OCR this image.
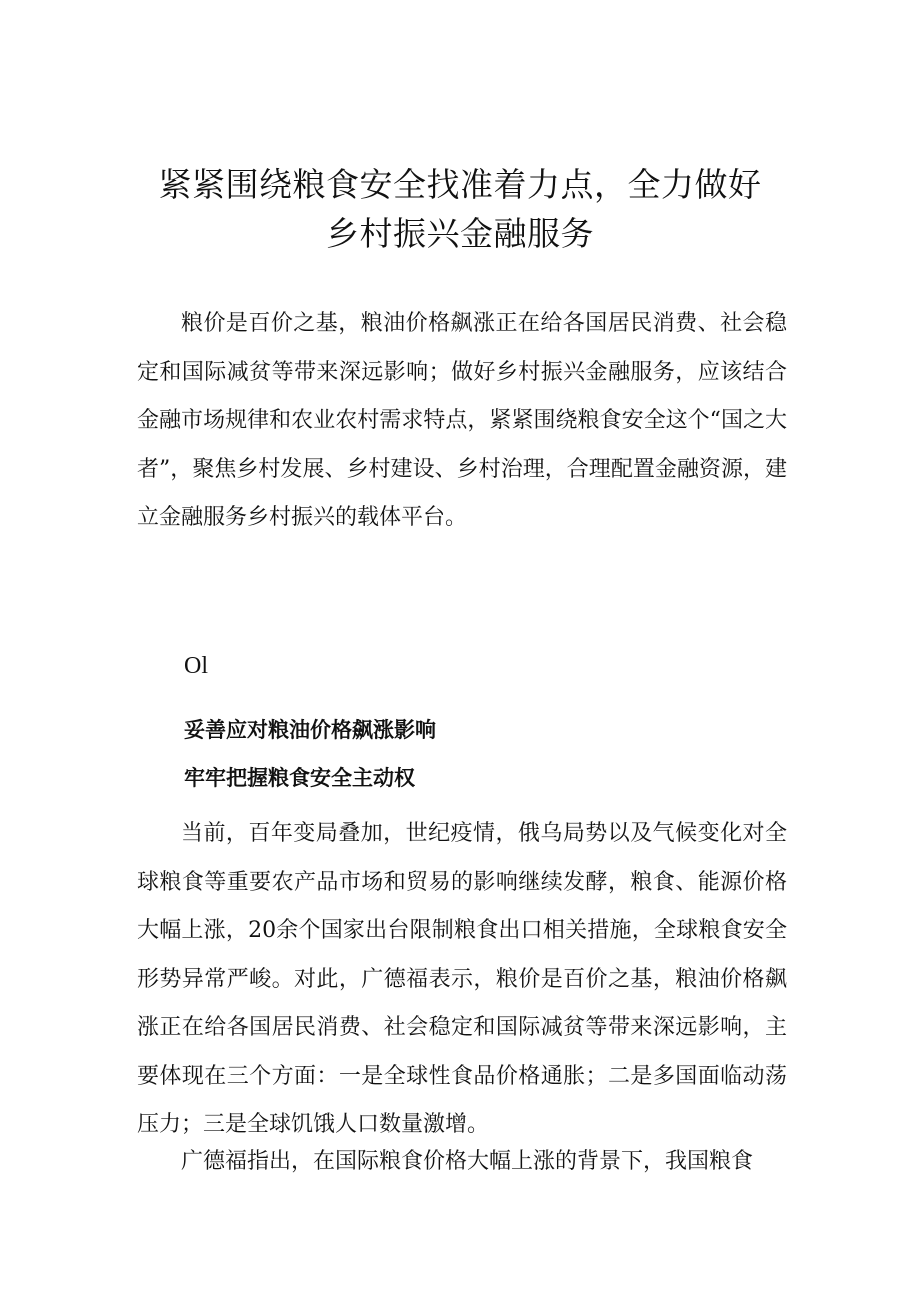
紧紧围绕粮食安全找准着力点，全力做好
乡村振兴金融服务

粮价是百价之基，粮油价格飙涨正在给各国居民消费、社会稳定和国际减贫等带来深远影响；做好乡村振兴金融服务，应该结合金融市场规律和农业农村需求特点，紧紧围绕粮食安全这个“国之大者”，聚焦乡村发展、乡村建设、乡村治理，合理配置金融资源，建立金融服务乡村振兴的载体平台。

Ol

妥善应对粮油价格飙涨影响

牢牢把握粮食安全主动权

当前，百年变局叠加，世纪疫情，俄乌局势以及气候变化对全球粮食等重要农产品市场和贸易的影响继续发酵，粮食、能源价格大幅上涨，20余个国家出台限制粮食出口相关措施，全球粮食安全形势异常严峻。对此，广德福表示，粮价是百价之基，粮油价格飙涨正在给各国居民消费、社会稳定和国际减贫等带来深远影响，主要体现在三个方面：一是全球性食品价格通胀；二是多国面临动荡压力；三是全球饥饿人口数量激增。

广德福指出，在国际粮食价格大幅上涨的背景下，我国粮食
